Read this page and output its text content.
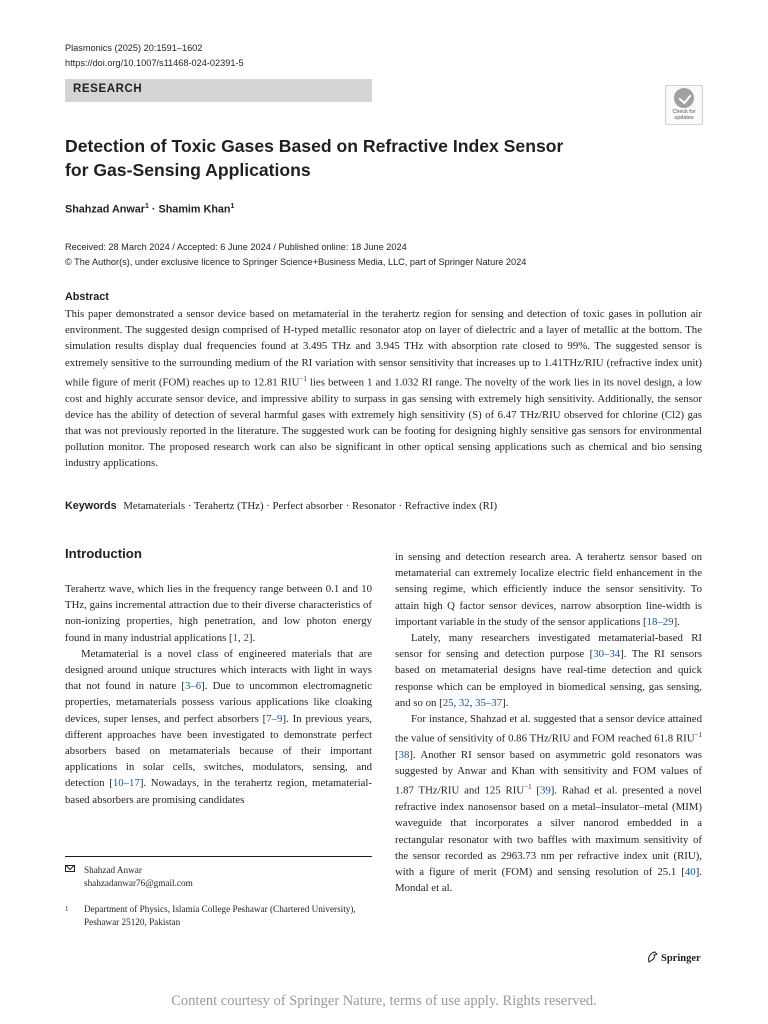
Plasmonics (2025) 20:1591–1602
https://doi.org/10.1007/s11468-024-02391-5
RESEARCH
Check for
updates
Detection of Toxic Gases Based on Refractive Index Sensor
for Gas-Sensing Applications
Shahzad Anwar$^1$ · Shamim Khan$^1$
Received: 28 March 2024 / Accepted: 6 June 2024 / Published online: 18 June 2024
© The Author(s), under exclusive licence to Springer Science+Business Media, LLC, part of Springer Nature 2024
Abstract
This paper demonstrated a sensor device based on metamaterial in the terahertz region for sensing and detection of toxic gases in pollution air environment. The suggested design comprised of H-typed metallic resonator atop on layer of dielectric and a layer of metallic at the bottom. The simulation results display dual frequencies found at 3.495 THz and 3.945 THz with absorption rate closed to 99%. The suggested sensor is extremely sensitive to the surrounding medium of the RI variation with sensor sensitivity that increases up to 1.41THz/RIU (refractive index unit) while figure of merit (FOM) reaches up to 12.81 $RIU^{-1}$ lies between 1 and 1.032 RI range. The novelty of the work lies in its novel design, a low cost and highly accurate sensor device, and impressive ability to surpass in gas sensing with extremely high sensitivity. Additionally, the sensor device has the ability of detection of several harmful gases with extremely high sensitivity (S) of 6.47 THz/RIU observed for chlorine (Cl2) gas that was not previously reported in the literature. The suggested work can be footing for designing highly sensitive gas sensors for environmental pollution monitor. The proposed research work can also be significant in other optical sensing applications such as chemical and bio sensing industry applications.
Keywords Metamaterials · Terahertz (THz) · Perfect absorber · Resonator · Refractive index (RI)
Introduction

Terahertz wave, which lies in the frequency range between 0.1 and 10 THz, gains incremental attraction due to their diverse characteristics of non-ionizing properties, high penetration, and low photon energy found in many industrial applications [1, 2].

Metamaterial is a novel class of engineered materials that are designed around unique structures which interacts with light in ways that not found in nature [3–6]. Due to uncommon electromagnetic properties, metamaterials possess various applications like cloaking devices, super lenses, and perfect absorbers [7–9]. In previous years, different approaches have been investigated to demonstrate perfect absorbers based on metamaterials because of their important applications in solar cells, switches, modulators, sensing, and detection [10–17]. Nowadays, in the terahertz region, metamaterial-based absorbers are promising candidates

in sensing and detection research area. A terahertz sensor based on metamaterial can extremely localize electric field enhancement in the sensing regime, which efficiently induce the sensor sensitivity. To attain high Q factor sensor devices, narrow absorption line-width is important variable in the study of the sensor applications [18–29].

Lately, many researchers investigated metamaterial-based RI sensor for sensing and detection purpose [30–34]. The RI sensors based on metamaterial designs have real-time detection and quick response which can be employed in biomedical sensing, gas sensing, and so on [25, 32, 35–37].

For instance, Shahzad et al. suggested that a sensor device attained the value of sensitivity of 0.86 THz/RIU and FOM reached 61.8 $RIU^{-1}$ [38]. Another RI sensor based on asymmetric gold resonators was suggested by Anwar and Khan with sensitivity and FOM values of 1.87 THz/RIU and 125 $RIU^{-1}$ [39]. Rahad et al. presented a novel refractive index nanosensor based on a metal–insulator–metal (MIM) waveguide that incorporates a silver nanorod embedded in a rectangular resonator with two baffles with maximum sensitivity of the sensor recorded as 2963.73 nm per refractive index unit (RIU), with a figure of merit (FOM) and sensing resolution of 25.1 [40]. Mondal et al.

Shahzad Anwar
shahzadanwar76@gmail.com
1 Department of Physics, Islamia College Peshawar (Chartered University), Peshawar 25120, Pakistan
Springer
Content courtesy of Springer Nature, terms of use apply. Rights reserved.
